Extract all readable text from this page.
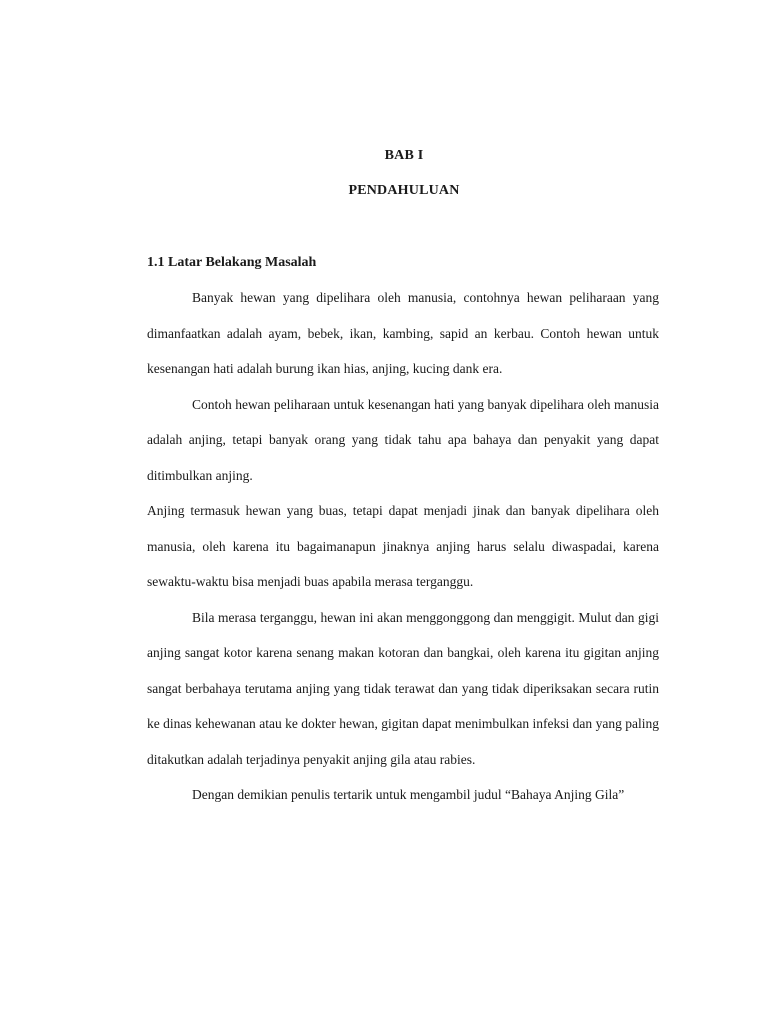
BAB I
PENDAHULUAN
1.1 Latar Belakang Masalah

Banyak hewan yang dipelihara oleh manusia, contohnya hewan peliharaan yang dimanfaatkan adalah ayam, bebek, ikan, kambing, sapid an kerbau. Contoh hewan untuk kesenangan hati adalah burung ikan hias, anjing, kucing dank era.

Contoh hewan peliharaan untuk kesenangan hati yang banyak dipelihara oleh manusia adalah anjing, tetapi banyak orang yang tidak tahu apa bahaya dan penyakit yang dapat ditimbulkan anjing.

Anjing termasuk hewan yang buas, tetapi dapat menjadi jinak dan banyak dipelihara oleh manusia, oleh karena itu bagaimanapun jinaknya anjing harus selalu diwaspadai, karena sewaktu-waktu bisa menjadi buas apabila merasa terganggu.

Bila merasa terganggu, hewan ini akan menggonggong dan menggigit. Mulut dan gigi anjing sangat kotor karena senang makan kotoran dan bangkai, oleh karena itu gigitan anjing sangat berbahaya terutama anjing yang tidak terawat dan yang tidak diperiksakan secara rutin ke dinas kehewanan atau ke dokter hewan, gigitan dapat menimbulkan infeksi dan yang paling ditakutkan adalah terjadinya penyakit anjing gila atau rabies.

Dengan demikian penulis tertarik untuk mengambil judul “Bahaya Anjing Gila”
